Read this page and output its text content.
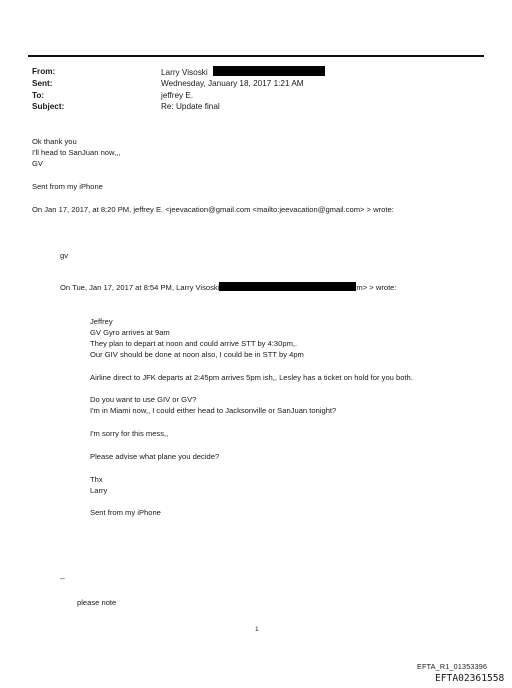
From:	Larry Visoski
Sent:	Wednesday, January 18, 2017 1:21 AM
To:	jeffrey E.
Subject:	Re: Update final
Ok thank you
I'll head to SanJuan now,,,
GV
Sent from my iPhone
On Jan 17, 2017, at 8:20 PM, jeffrey E. <jeevacation@gmail.com <mailto:jeevacation@gmail.com> > wrote:
gv
On Tue, Jan 17, 2017 at 8:54 PM, Larry Visoski	m> > wrote:
Jeffrey
GV Gyro arrives at 9am
They plan to depart at noon and could arrive STT by 4:30pm,.
Our GIV should be done at noon also, I could be in STT by 4pm
Airline direct to JFK departs at 2:45pm arrives 5pm ish,, Lesley has a ticket on hold for you both.
Do you want to use GIV or GV?
I'm in Miami now,, I could either head to Jacksonville or SanJuan tonight?
I'm sorry for this mess,,
Please advise what plane you decide?
Thx
Larry
Sent from my iPhone
--
please note
1
EFTA_R1_01353396
EFTA02361558
